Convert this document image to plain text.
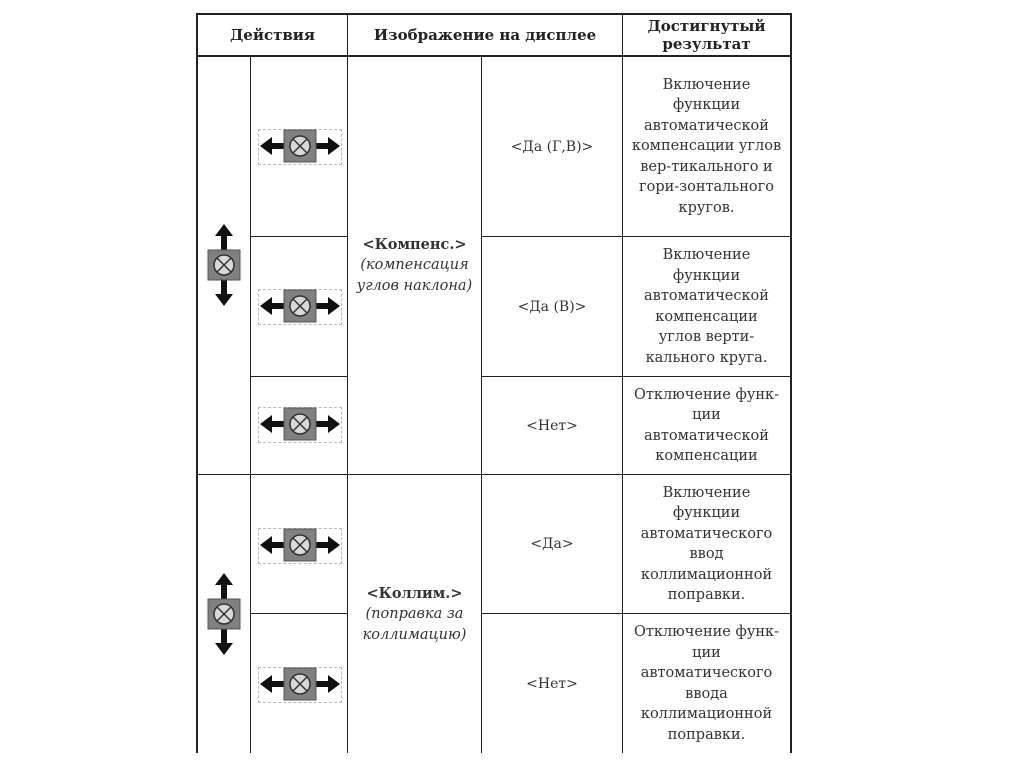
Действия	Изображение на дисплее	Достигнутый результат
<Компенс.>
(компенсация углов наклона)
<Да (Г,В)>
<Да (В)>
<Нет>
Включение функции автоматической компенсации углов вер-тикального и гори-зонтального кругов.
Включение функции автоматической компенсации углов верти-кального круга.
Отключение функ-ции автоматической компенсации
<Коллим.>
(поправка за коллимацию)
<Да>
<Нет>
Включение функции автоматического ввод коллимационной поправки.
Отключение функ-ции автоматического ввода коллимационной поправки.
